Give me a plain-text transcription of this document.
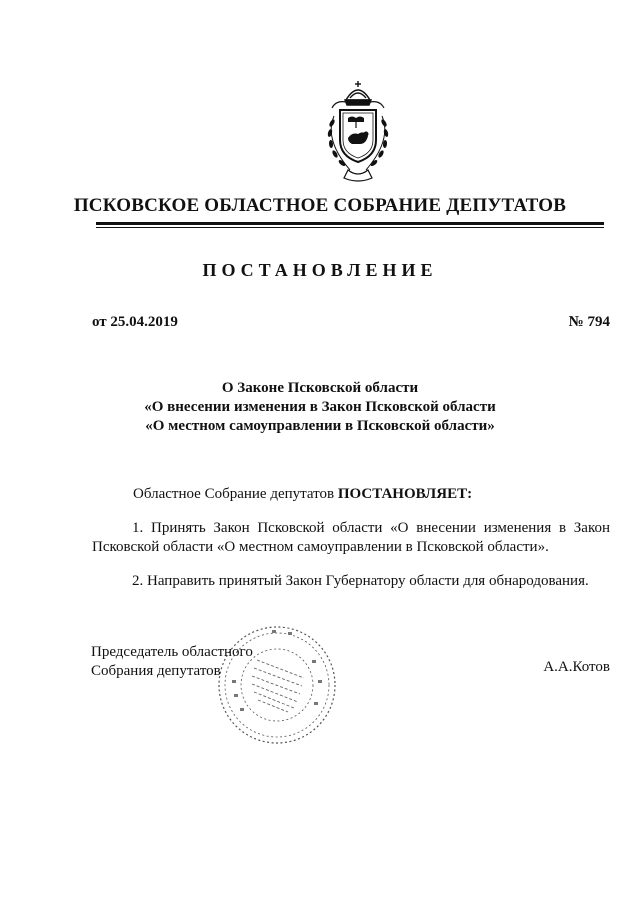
ПСКОВСКОЕ ОБЛАСТНОЕ СОБРАНИЕ ДЕПУТАТОВ
ПОСТАНОВЛЕНИЕ
от 25.04.2019	№ 794
О Законе Псковской области
«О внесении изменения в Закон Псковской области
«О местном самоуправлении в Псковской области»
Областное Собрание депутатов ПОСТАНОВЛЯЕТ:
1. Принять Закон Псковской области «О внесении изменения в Закон Псковской области «О местном самоуправлении в Псковской области».
2. Направить принятый Закон Губернатору области для обнародования.
Председатель областного
Собрания депутатов	А.А.Котов
